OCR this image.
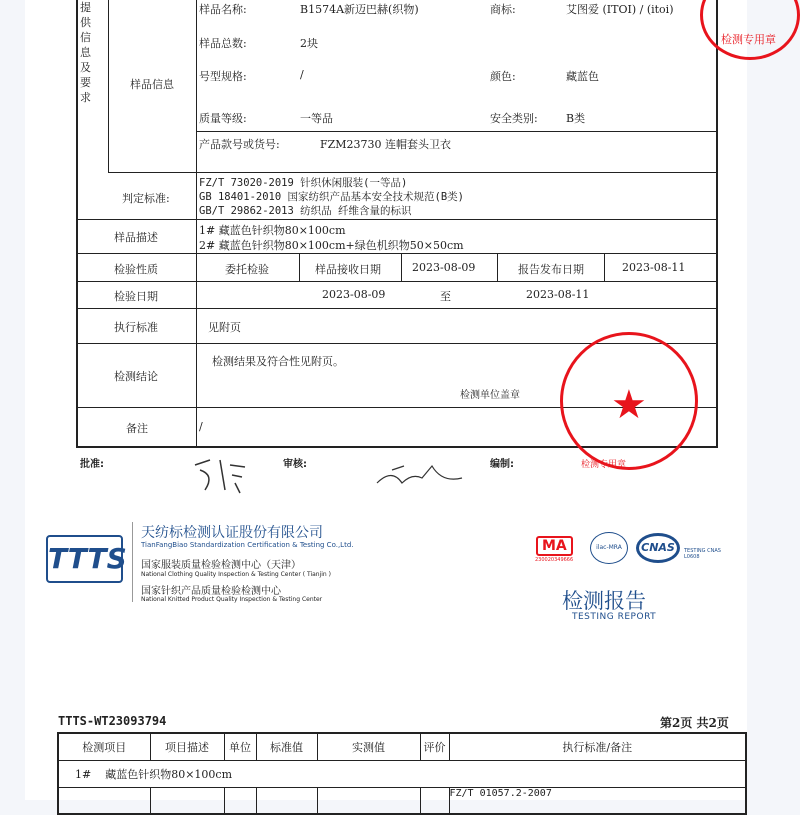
提供信息及要求
样品信息
样品名称:	B1574A新迈巴赫(织物)	商标:	艾图爱 (ITOI) / (itoi)
样品总数:	2块
号型规格:	/	颜色:	藏蓝色
质量等级:	一等品	安全类别:	B类
产品款号或货号:	FZM23730 连帽套头卫衣
判定标准:
FZ/T 73020-2019 针织休闲服装(一等品)
GB 18401-2010 国家纺织产品基本安全技术规范(B类)
GB/T 29862-2013 纺织品 纤维含量的标识
样品描述
1# 藏蓝色针织物80×100cm
2# 藏蓝色针织物80×100cm+绿色机织物50×50cm
检验性质	委托检验	样品接收日期	2023-08-09	报告发布日期	2023-08-11
检验日期	2023-08-09	至	2023-08-11
执行标准	见附页
检测结论
检测结果及符合性见附页。
检测单位盖章
备注	/
批准:	审核:	编制:
★
检测专用章
检测专用章
TTTS
天纺标检测认证股份有限公司
TianFangBiao Standardization Certification & Testing Co.,Ltd.
国家服装质量检验检测中心（天津）
National Clothing Quality Inspection & Testing Center ( Tianjin )
国家针织产品质量检验检测中心
National Knitted Product Quality Inspection & Testing Center
MA
230020349666
ilac-MRA	CNAS	TESTING CNAS L0608
检测报告
TESTING REPORT
TTTS-WT23093794	第2页 共2页
检测项目	项目描述	单位	标准值	实测值	评价	执行标准/备注
1#    藏蓝色针织物80×100cm						
						FZ/T 01057.2-2007
